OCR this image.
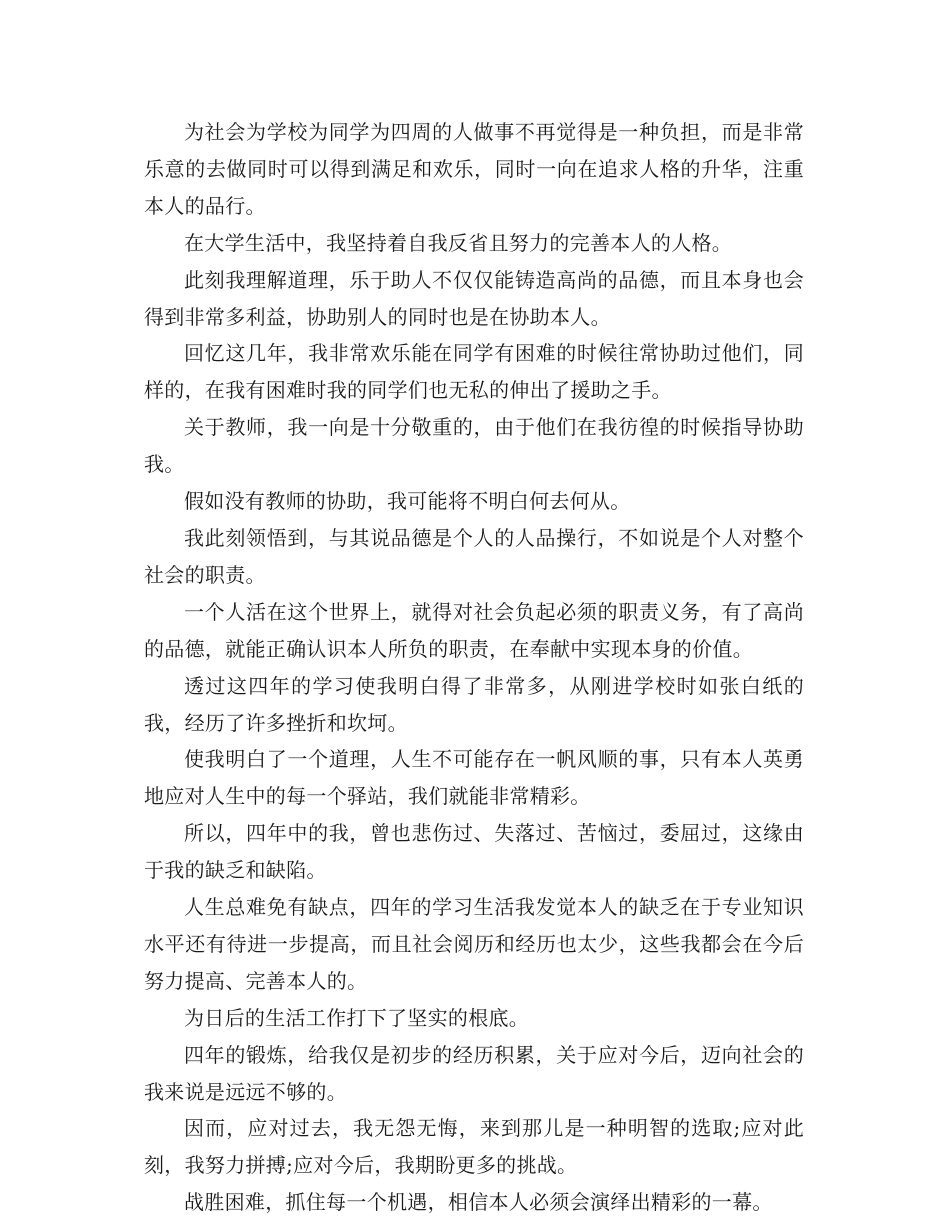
为社会为学校为同学为四周的人做事不再觉得是一种负担，而是非常乐意的去做同时可以得到满足和欢乐，同时一向在追求人格的升华，注重本人的品行。

在大学生活中，我坚持着自我反省且努力的完善本人的人格。

此刻我理解道理，乐于助人不仅仅能铸造高尚的品德，而且本身也会得到非常多利益，协助别人的同时也是在协助本人。

回忆这几年，我非常欢乐能在同学有困难的时候往常协助过他们，同样的，在我有困难时我的同学们也无私的伸出了援助之手。

关于教师，我一向是十分敬重的，由于他们在我彷徨的时候指导协助我。

假如没有教师的协助，我可能将不明白何去何从。

我此刻领悟到，与其说品德是个人的人品操行，不如说是个人对整个社会的职责。

一个人活在这个世界上，就得对社会负起必须的职责义务，有了高尚的品德，就能正确认识本人所负的职责，在奉献中实现本身的价值。

透过这四年的学习使我明白得了非常多，从刚进学校时如张白纸的我，经历了许多挫折和坎坷。

使我明白了一个道理，人生不可能存在一帆风顺的事，只有本人英勇地应对人生中的每一个驿站，我们就能非常精彩。

所以，四年中的我，曾也悲伤过、失落过、苦恼过，委屈过，这缘由于我的缺乏和缺陷。

人生总难免有缺点，四年的学习生活我发觉本人的缺乏在于专业知识水平还有待进一步提高，而且社会阅历和经历也太少，这些我都会在今后努力提高、完善本人的。

为日后的生活工作打下了坚实的根底。

四年的锻炼，给我仅是初步的经历积累，关于应对今后，迈向社会的我来说是远远不够的。

因而，应对过去，我无怨无悔，来到那儿是一种明智的选取;应对此刻，我努力拼搏;应对今后，我期盼更多的挑战。

战胜困难，抓住每一个机遇，相信本人必须会演绎出精彩的一幕。
